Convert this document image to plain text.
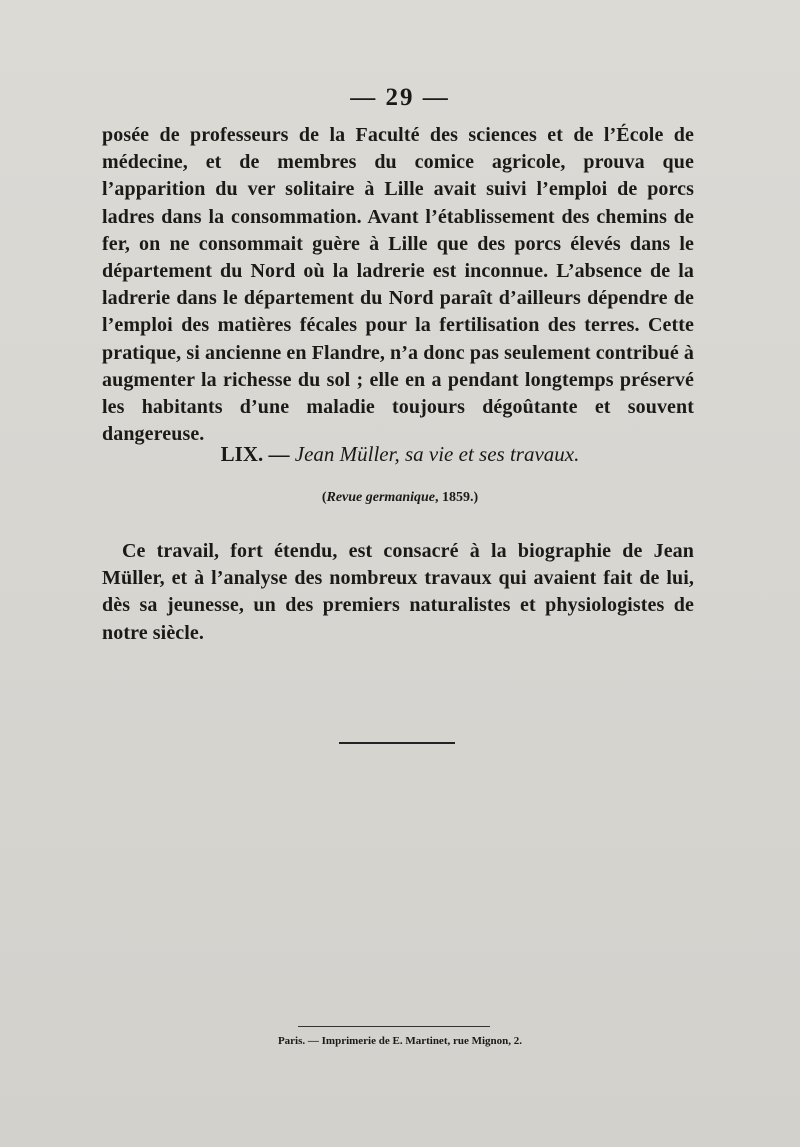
— 29 —

posée de professeurs de la Faculté des sciences et de l’École de médecine, et de membres du comice agricole, prouva que l’apparition du ver solitaire à Lille avait suivi l’emploi de porcs ladres dans la consommation. Avant l’établissement des chemins de fer, on ne consommait guère à Lille que des porcs élevés dans le département du Nord où la ladrerie est inconnue. L’absence de la ladrerie dans le département du Nord paraît d’ailleurs dépendre de l’emploi des matières fécales pour la fertilisation des terres. Cette pratique, si ancienne en Flandre, n’a donc pas seulement contribué à augmenter la richesse du sol ; elle en a pendant longtemps préservé les habitants d’une maladie toujours dégoûtante et souvent dangereuse.

LIX. — Jean Müller, sa vie et ses travaux.
(Revue germanique, 1859.)

Ce travail, fort étendu, est consacré à la biographie de Jean Müller, et à l’analyse des nombreux travaux qui avaient fait de lui, dès sa jeunesse, un des premiers naturalistes et physiologistes de notre siècle.

Paris. — Imprimerie de E. Martinet, rue Mignon, 2.
